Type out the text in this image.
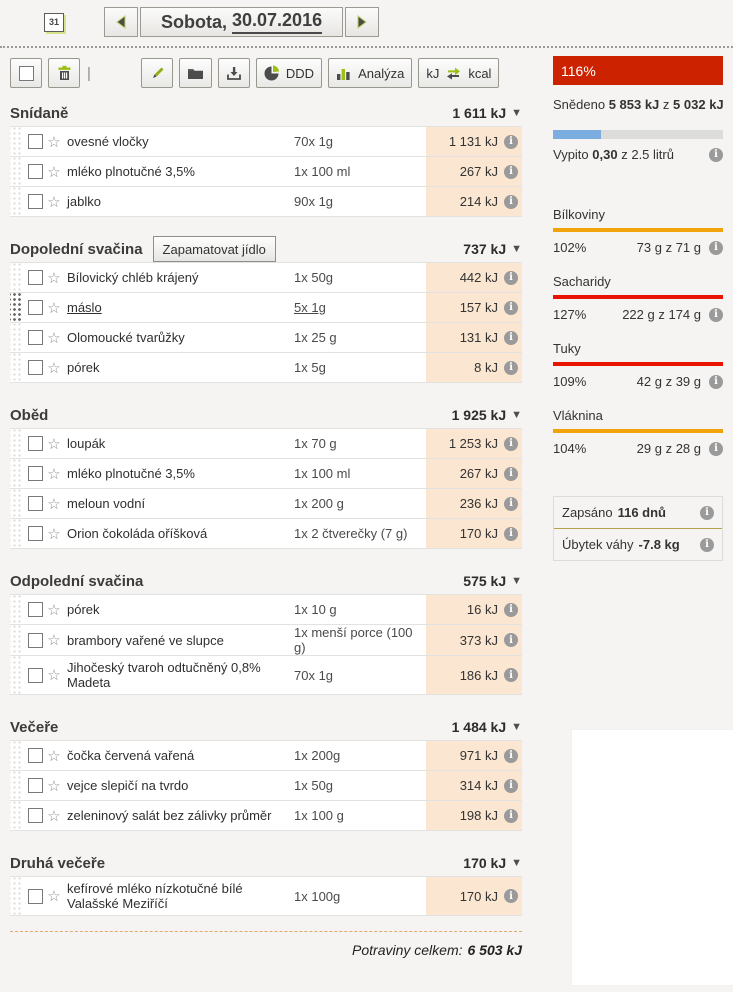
31	Sobota, 30.07.2016
|	DDD	Analýza kJ kcal
Snídaně	1 611 kJ ▼
☆ ovesné vločky	70x 1g	1 131 kJ	i
☆ mléko plnotučné 3,5%	1x 100 ml	267 kJ	i
☆ jablko	90x 1g	214 kJ	i
Dopolední svačina	Zapamatovat jídlo	737 kJ ▼
☆ Bílovický chléb krájený	1x 50g	442 kJ	i
☆ máslo	5x 1g	157 kJ	i
☆ Olomoucké tvarůžky	1x 25 g	131 kJ	i
☆ pórek	1x 5g	8 kJ	i
Oběd	1 925 kJ ▼
☆ loupák	1x 70 g	1 253 kJ	i
☆ mléko plnotučné 3,5%	1x 100 ml	267 kJ	i
☆ meloun vodní	1x 200 g	236 kJ	i
☆ Orion čokoláda oříšková	1x 2 čtverečky (7 g)	170 kJ	i
Odpolední svačina	575 kJ ▼
☆ pórek	1x 10 g	16 kJ	i
☆ brambory vařené ve slupce	1x menší porce (100 g)	373 kJ	i
☆ Jihočeský tvaroh odtučněný 0,8% Madeta	70x 1g	186 kJ	i
Večeře	1 484 kJ ▼
☆ čočka červená vařená	1x 200g	971 kJ	i
☆ vejce slepičí na tvrdo	1x 50g	314 kJ	i
☆ zeleninový salát bez zálivky průměr	1x 100 g	198 kJ	i
Druhá večeře	170 kJ ▼
☆ kefírové mléko nízkotučné bílé Valašské Meziříčí	1x 100g	170 kJ	i
Potraviny celkem: 6 503 kJ
116%
Snědeno 5 853 kJ z 5 032 kJ
Vypito
0,30
z
2.5 litrů	i
Bílkoviny
102%	73 g z 71 g	i
Sacharidy
127%	222 g z 174 g	i
Tuky
109%	42 g z 39 g	i
Vláknina
104%	29 g z 28 g	i
Zapsáno 116 dnů	i
Úbytek váhy -7.8 kg	i
